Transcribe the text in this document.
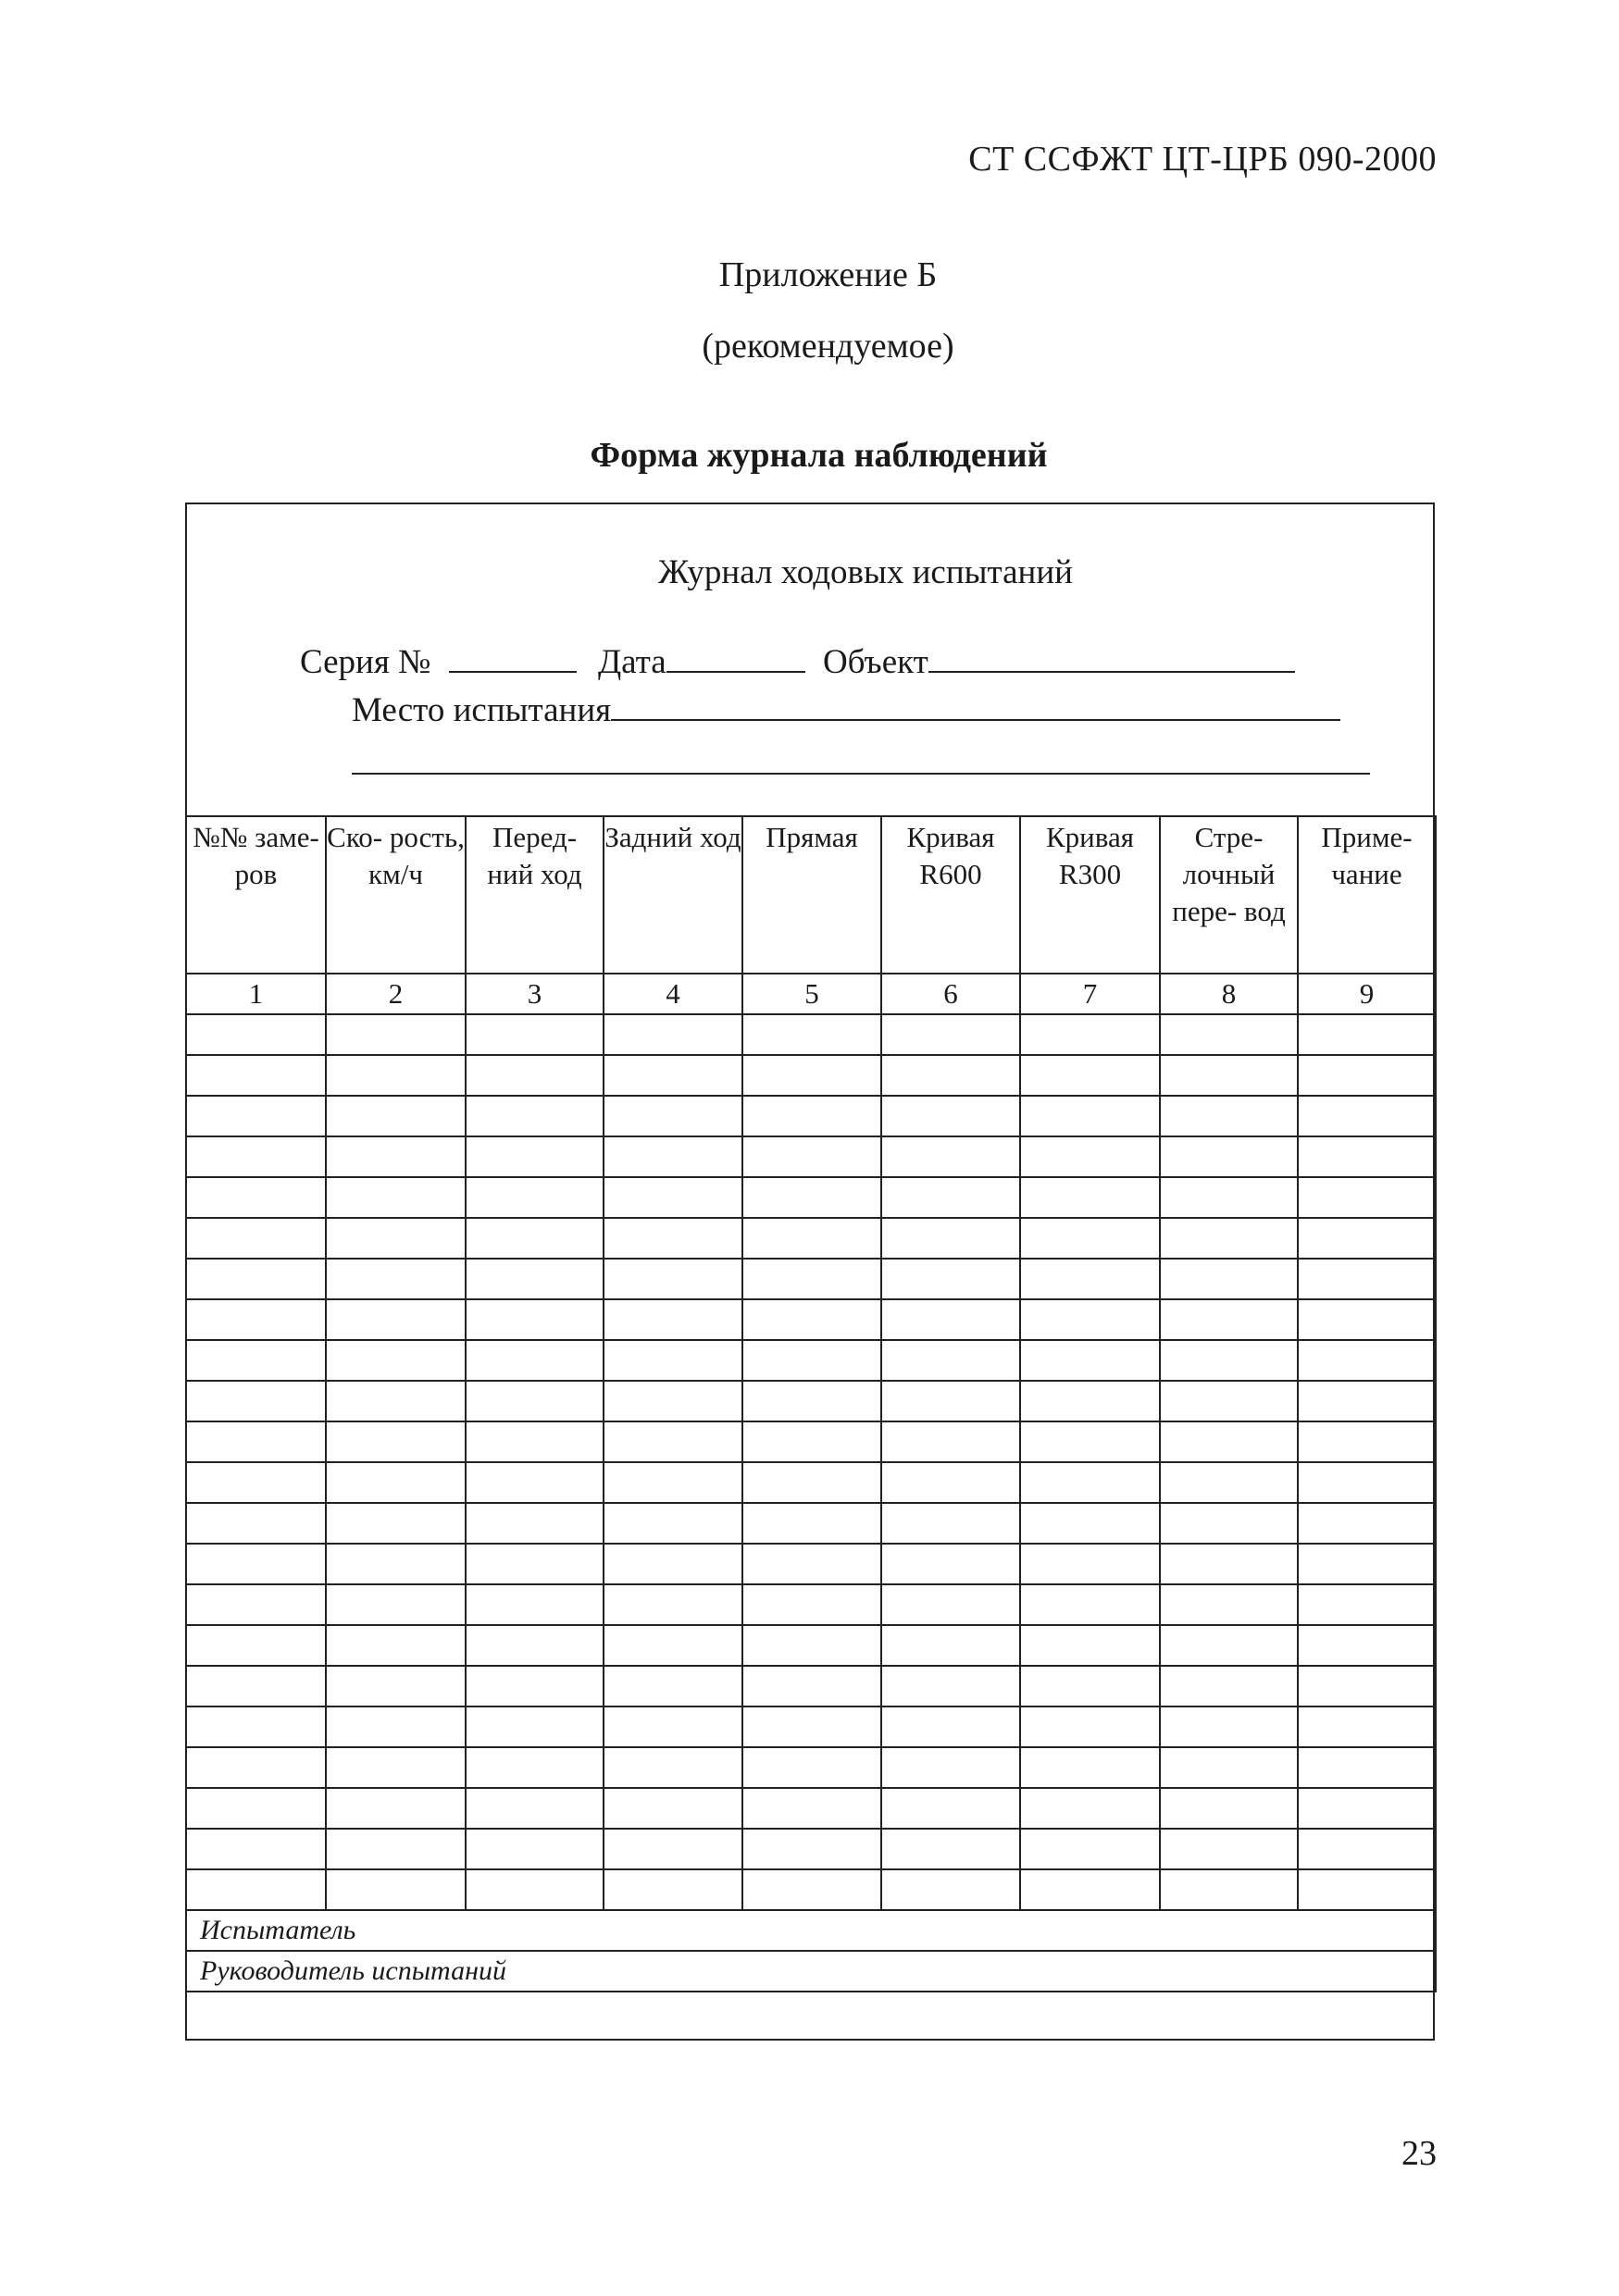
СТ ССФЖТ ЦТ-ЦРБ 090-2000
Приложение Б
(рекомендуемое)
Форма журнала наблюдений
Журнал ходовых испытаний
Серия №	Дата	Объект
Место испытания
№№ заме- ров	Ско- рость, км/ч	Перед- ний ход	Задний ход	Прямая	Кривая R600	Кривая R300	Стре- лочный пере- вод	Приме- чание
1	2	3	4	5	6	7	8	9

Испытатель								
Руководитель испытаний								
23
